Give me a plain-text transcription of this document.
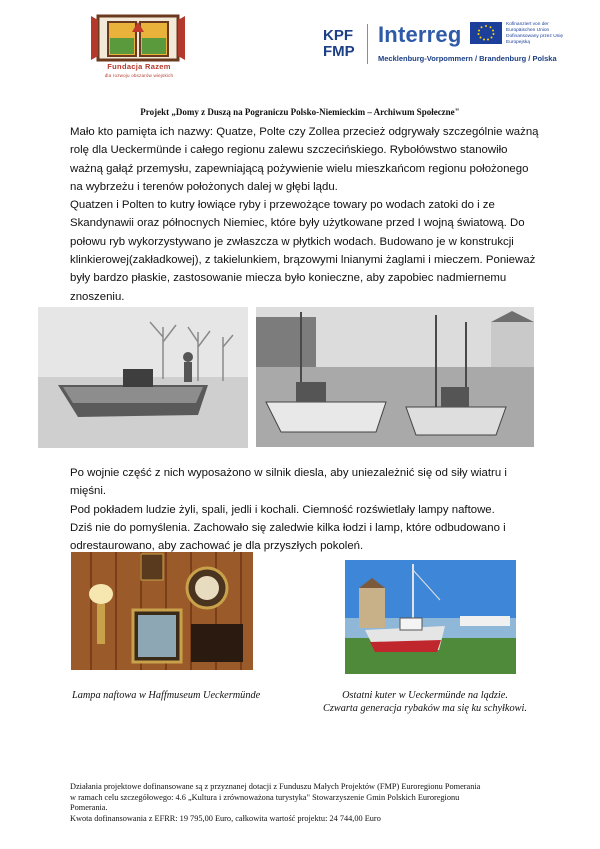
Fundacja Razem
dla rozwoju obszarów wiejskich
KPF
FMP
Interreg	Kofinanziert von der Europäischen Union Dofinansowany przez Unię Europejską
Mecklenburg-Vorpommern / Brandenburg / Polska
Projekt „Domy z Duszą na Pograniczu Polsko-Niemieckim – Archiwum Społeczne"

Mało kto pamięta ich nazwy: Quatze, Polte czy Zollea przecież odgrywały szczególnie ważną

rolę dla Ueckermünde i całego regionu zalewu szczecińskiego. Rybołówstwo stanowiło

ważną gałąź przemysłu, zapewniającą pożywienie wielu mieszkańcom regionu położonego

na wybrzeżu i terenów położonych dalej w głębi lądu.

Quatzen i Polten to kutry łowiące ryby i przewożące towary po wodach zatoki do i ze

Skandynawii oraz północnych Niemiec, które były użytkowane przed I wojną światową. Do

połowu ryb wykorzystywano je zwłaszcza w płytkich wodach. Budowano je w konstrukcji

klinkierowej(zakładkowej), z takielunkiem, brązowymi lnianymi żaglami i mieczem. Ponieważ

były bardzo płaskie, zastosowanie miecza było konieczne, aby zapobiec nadmiernemu

znoszeniu.

Po wojnie część z nich wyposażono w silnik diesla, aby uniezależnić się od siły wiatru i mięśni.

Pod pokładem ludzie żyli, spali, jedli i kochali. Ciemność rozświetlały lampy naftowe.

Dziś nie do pomyślenia. Zachowało się zaledwie kilka łodzi i lamp, które odbudowano i

odrestaurowano, aby zachować je dla przyszłych pokoleń.

Lampa naftowa w Haffmuseum Ueckermünde	Ostatni kuter w Ueckermünde na lądzie.
Czwarta generacja rybaków ma się ku schyłkowi.

Działania projektowe dofinansowane są z przyznanej dotacji z Funduszu Małych Projektów (FMP) Euroregionu Pomerania

w ramach celu szczegółowego: 4.6 „Kultura i zrównoważona turystyka" Stowarzyszenie Gmin Polskich Euroregionu

Pomerania.

Kwota dofinansowania z EFRR: 19 795,00 Euro, całkowita wartość projektu: 24 744,00 Euro
